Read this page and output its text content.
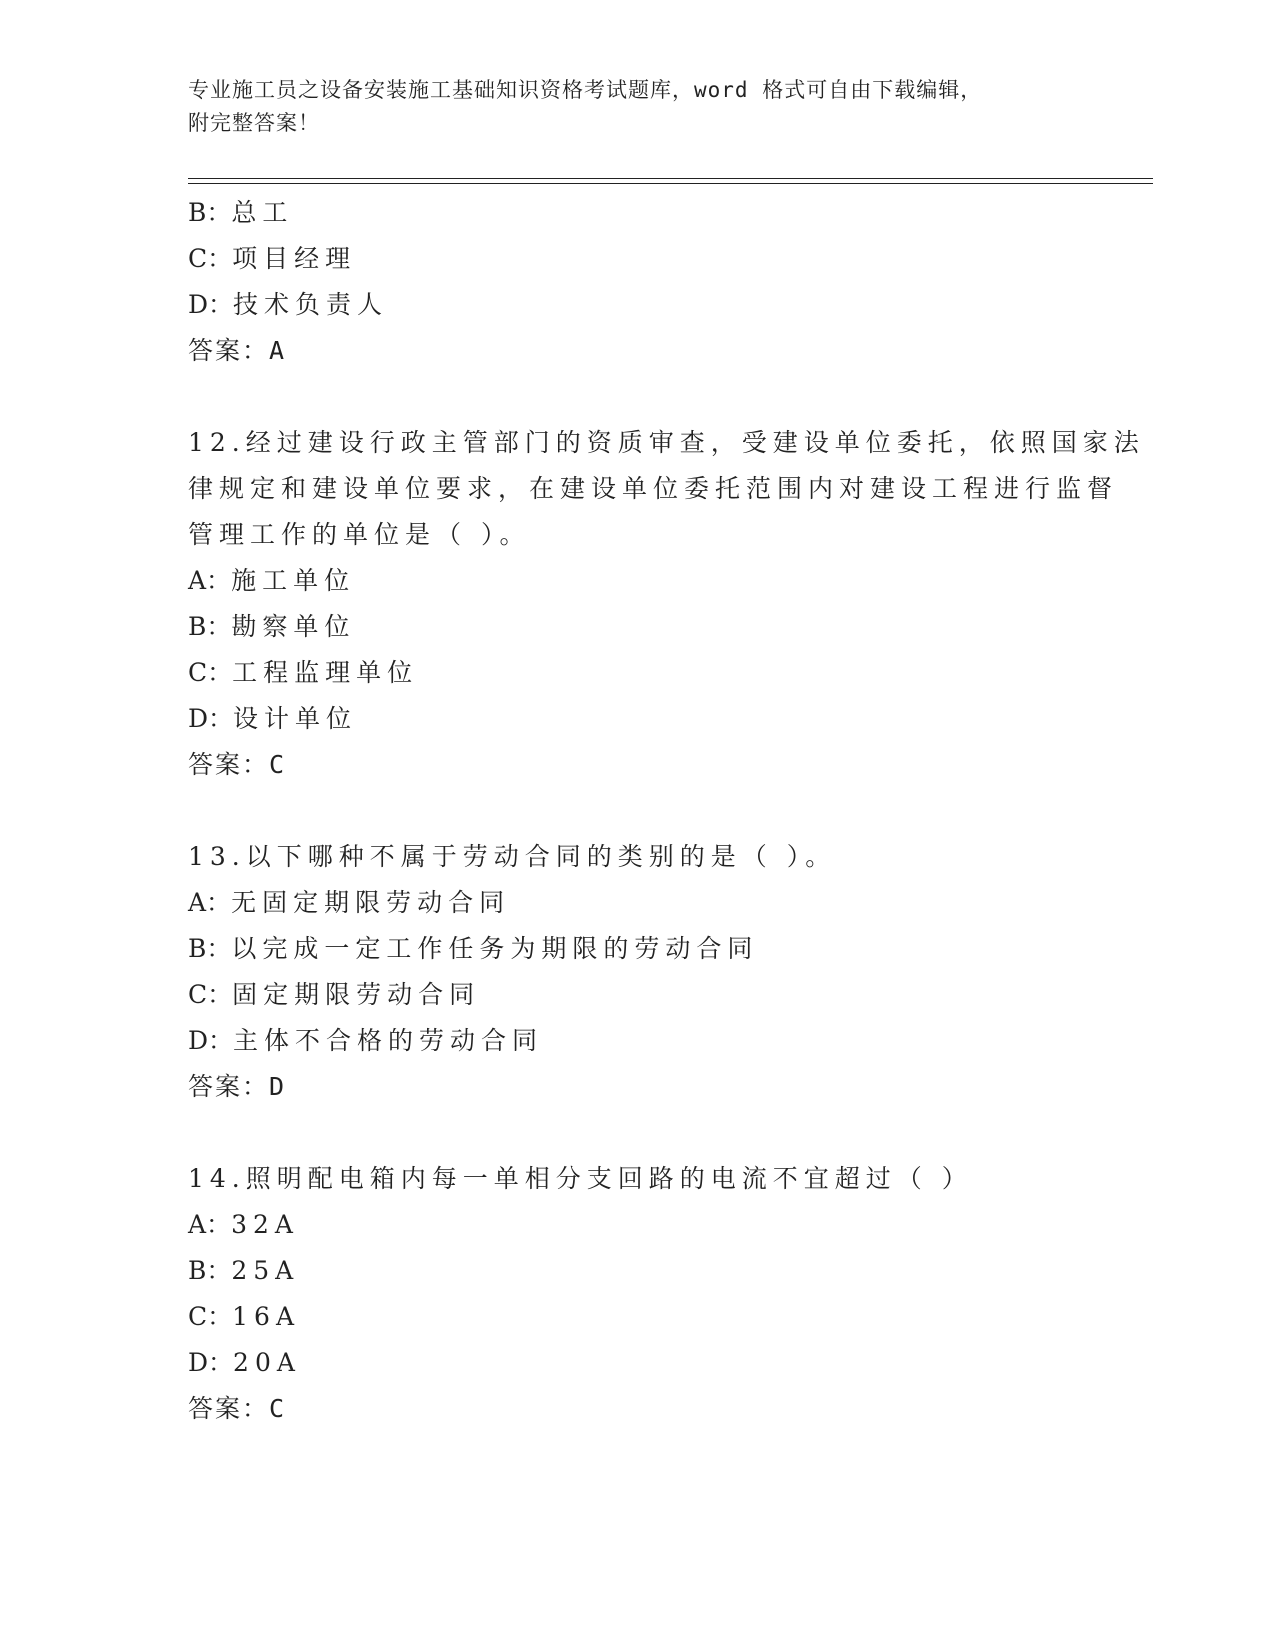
专业施工员之设备安装施工基础知识资格考试题库，word 格式可自由下载编辑，
附完整答案！
B：总工
C：项目经理
D：技术负责人
答案：A
12.经过建设行政主管部门的资质审查，受建设单位委托，依照国家法
律规定和建设单位要求，在建设单位委托范围内对建设工程进行监督
管理工作的单位是（ ）。
A：施工单位
B：勘察单位
C：工程监理单位
D：设计单位
答案：C
13.以下哪种不属于劳动合同的类别的是（ ）。
A：无固定期限劳动合同
B：以完成一定工作任务为期限的劳动合同
C：固定期限劳动合同
D：主体不合格的劳动合同
答案：D
14.照明配电箱内每一单相分支回路的电流不宜超过（ ）
A：32A
B：25A
C：16A
D：20A
答案：C
